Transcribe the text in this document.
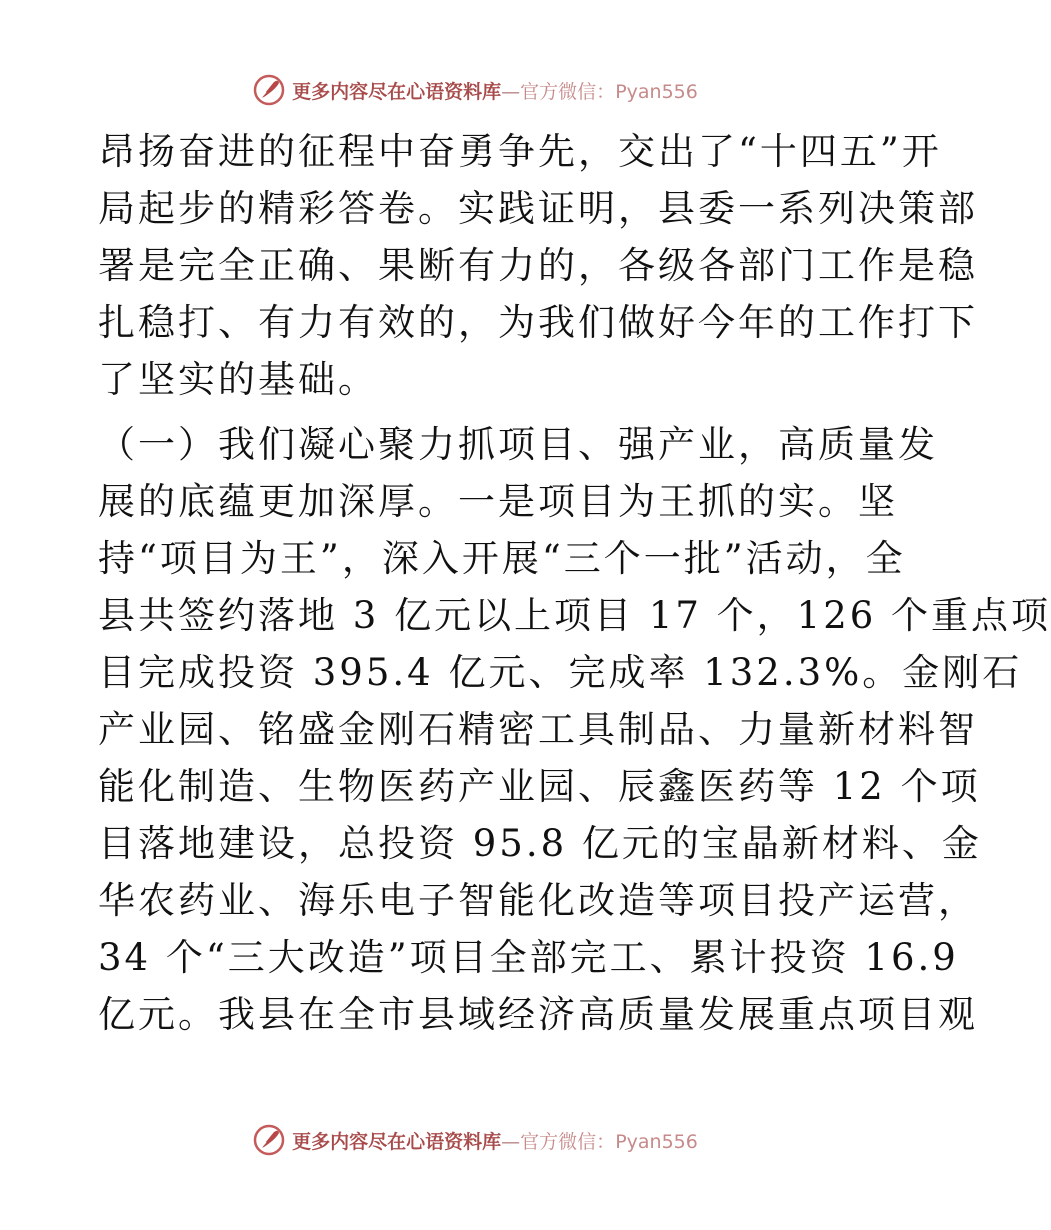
更多内容尽在心语资料库—官方微信：Pyan556
昂扬奋进的征程中奋勇争先，交出了“十四五”开
局起步的精彩答卷。实践证明，县委一系列决策部
署是完全正确、果断有力的，各级各部门工作是稳
扎稳打、有力有效的，为我们做好今年的工作打下
了坚实的基础。
（一）我们凝心聚力抓项目、强产业，高质量发
展的底蕴更加深厚。一是项目为王抓的实。坚
持“项目为王”，深入开展“三个一批”活动，全
县共签约落地 3 亿元以上项目 17 个，126 个重点项
目完成投资 395.4 亿元、完成率 132.3%。金刚石
产业园、铭盛金刚石精密工具制品、力量新材料智
能化制造、生物医药产业园、辰鑫医药等 12 个项
目落地建设，总投资 95.8 亿元的宝晶新材料、金
华农药业、海乐电子智能化改造等项目投产运营，
34 个“三大改造”项目全部完工、累计投资 16.9
亿元。我县在全市县域经济高质量发展重点项目观
更多内容尽在心语资料库—官方微信：Pyan556
